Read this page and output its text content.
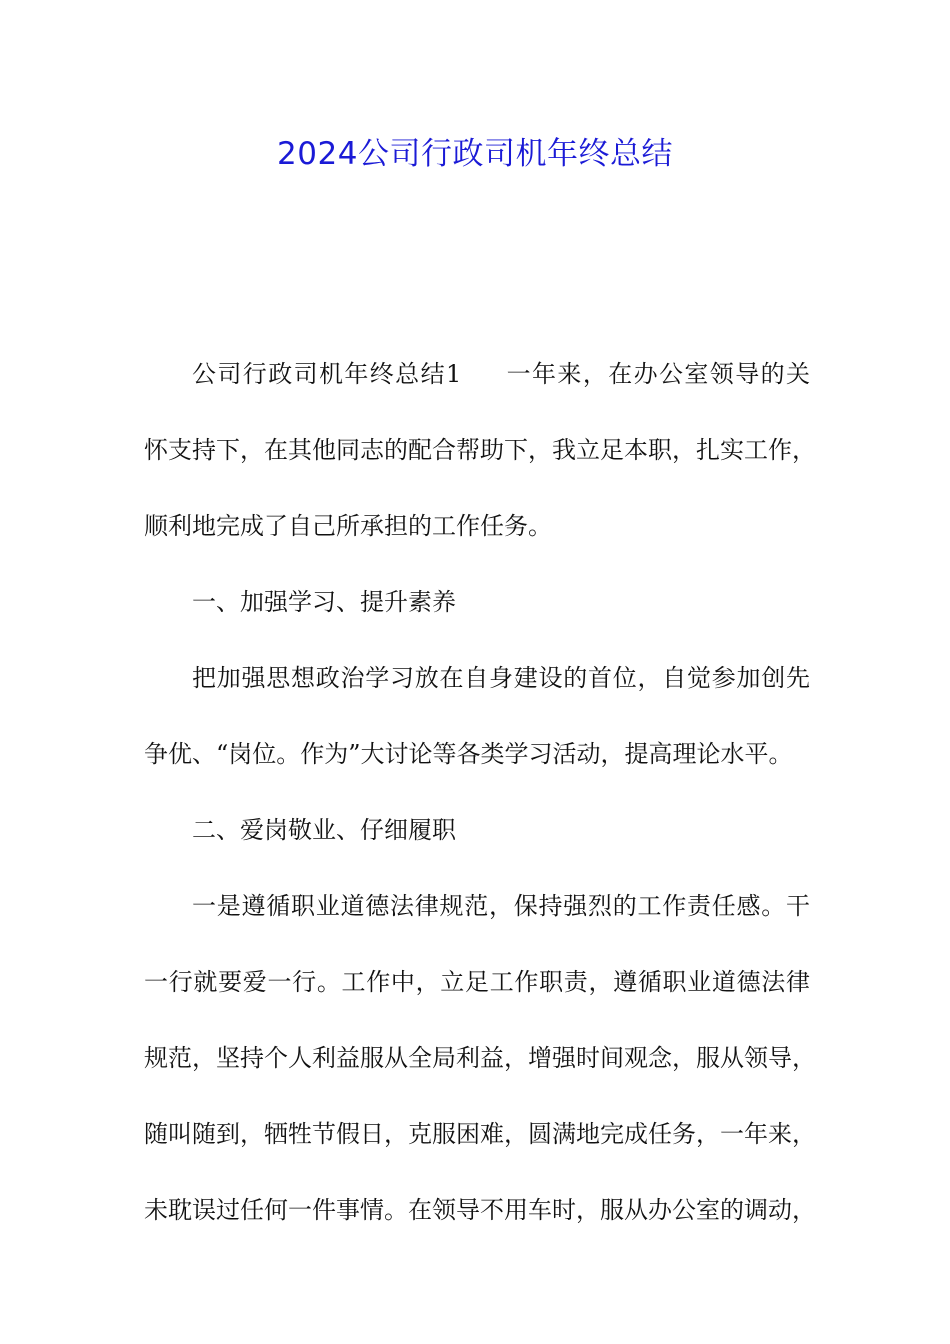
2024公司行政司机年终总结
公司行政司机年终总结1 一年来，在办公室领导的关
怀支持下，在其他同志的配合帮助下，我立足本职，扎实工作，
顺利地完成了自己所承担的工作任务。
一、加强学习、提升素养
把加强思想政治学习放在自身建设的首位，自觉参加创先
争优、“岗位。作为”大讨论等各类学习活动，提高理论水平。
二、爱岗敬业、仔细履职
一是遵循职业道德法律规范，保持强烈的工作责任感。干
一行就要爱一行。工作中，立足工作职责，遵循职业道德法律
规范，坚持个人利益服从全局利益，增强时间观念，服从领导，
随叫随到，牺牲节假日，克服困难，圆满地完成任务，一年来，
未耽误过任何一件事情。在领导不用车时，服从办公室的调动，
